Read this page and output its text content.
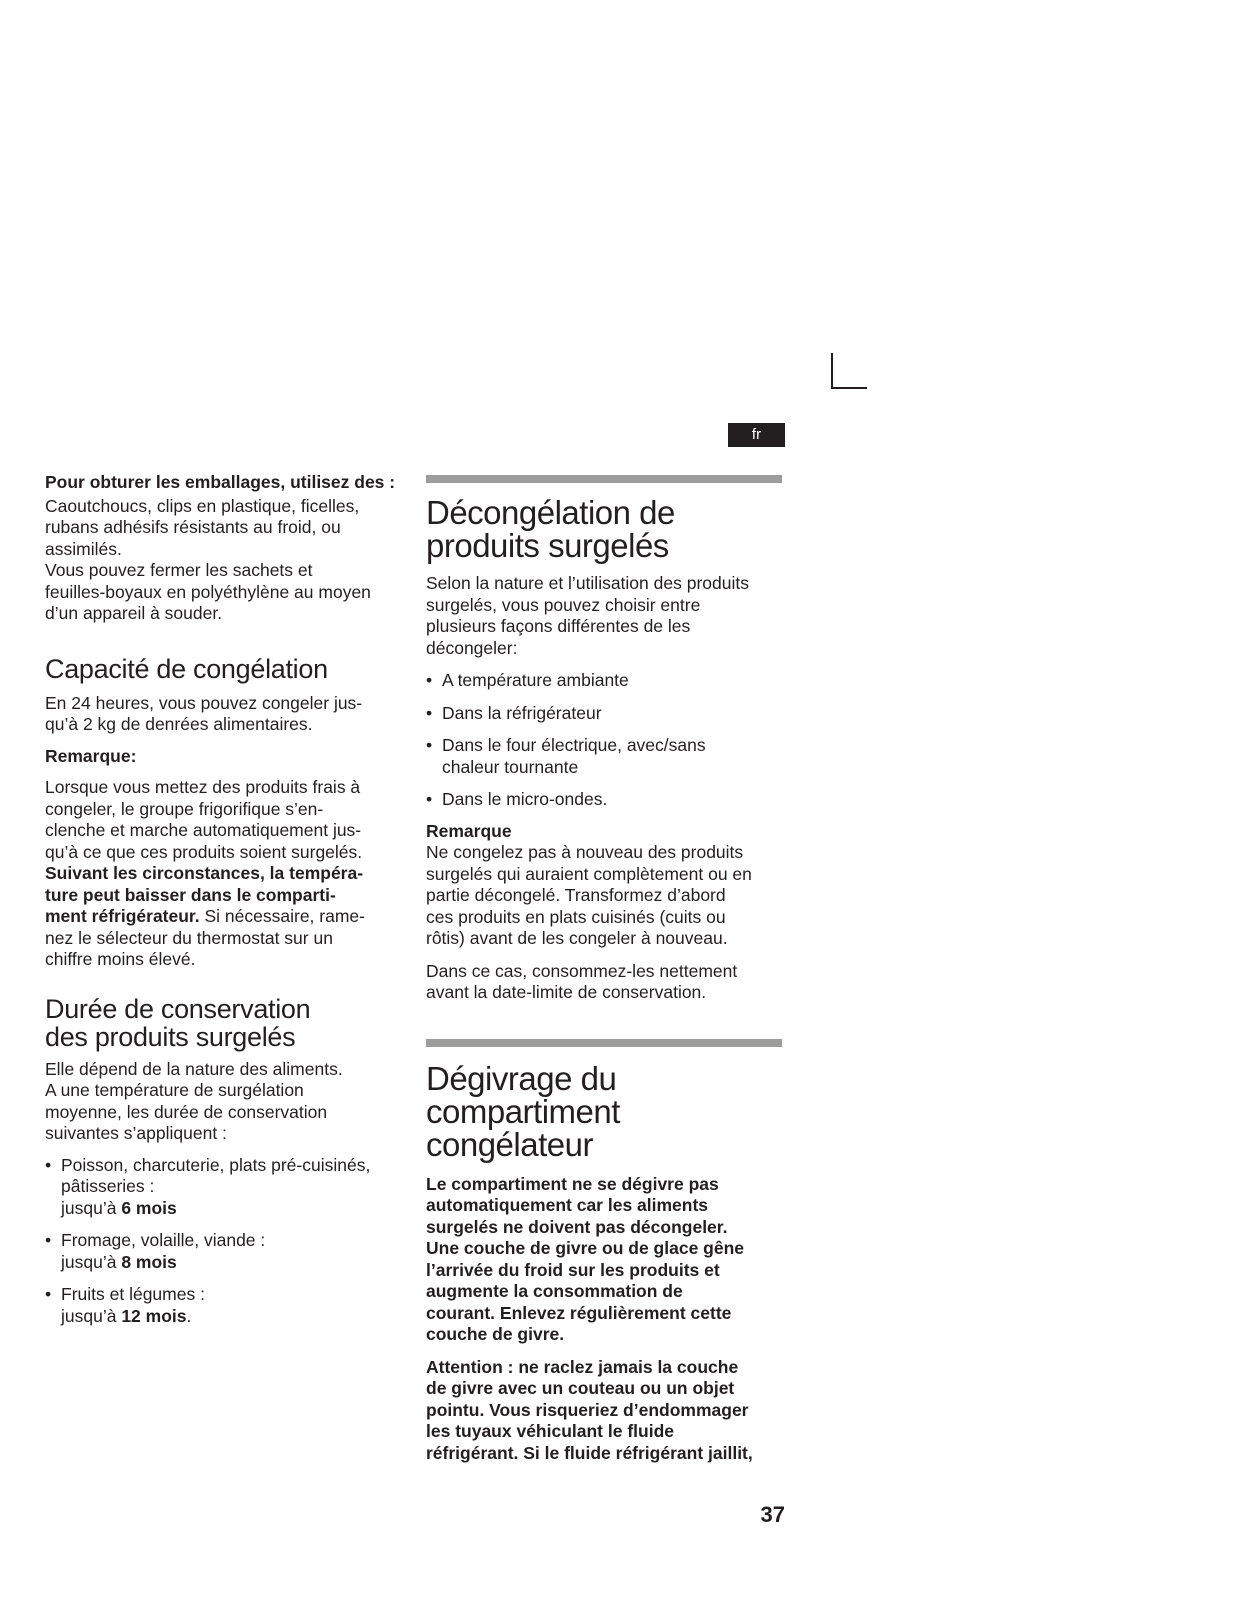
fr

Pour obturer les emballages, utilisez des :

Caoutchoucs, clips en plastique, ficelles,

rubans adhésifs résistants au froid, ou

assimilés.

Vous pouvez fermer les sachets et

feuilles-boyaux en polyéthylène au moyen

d’un appareil à souder.

Capacité de congélation

En 24 heures, vous pouvez congeler jus-

qu’à 2 kg de denrées alimentaires.

Remarque:

Lorsque vous mettez des produits frais à

congeler, le groupe frigorifique s’en-

clenche et marche automatiquement jus-

qu’à ce que ces produits soient surgelés.

Suivant les circonstances, la tempéra-

ture peut baisser dans le comparti-

ment réfrigérateur. Si nécessaire, rame-

nez le sélecteur du thermostat sur un

chiffre moins élevé.

Durée de conservation
des produits surgelés

Elle dépend de la nature des aliments.

A une température de surgélation

moyenne, les durée de conservation

suivantes s’appliquent :

• Poisson, charcuterie, plats pré-cuisinés,
pâtisseries :
jusqu’à 6 mois
• Fromage, volaille, viande :
jusqu’à 8 mois
• Fruits et légumes :
jusqu’à 12 mois.
Décongélation de
produits surgelés

Selon la nature et l’utilisation des produits

surgelés, vous pouvez choisir entre

plusieurs façons différentes de les

décongeler:

• A température ambiante
• Dans la réfrigérateur
• Dans le four électrique, avec/sans
chaleur tournante
• Dans le micro-ondes.

Remarque

Ne congelez pas à nouveau des produits

surgelés qui auraient complètement ou en

partie décongelé. Transformez d’abord

ces produits en plats cuisinés (cuits ou

rôtis) avant de les congeler à nouveau.

Dans ce cas, consommez-les nettement

avant la date-limite de conservation.

Dégivrage du
compartiment
congélateur

Le compartiment ne se dégivre pas

automatiquement car les aliments

surgelés ne doivent pas décongeler.

Une couche de givre ou de glace gêne

l’arrivée du froid sur les produits et

augmente la consommation de

courant. Enlevez régulièrement cette

couche de givre.

Attention : ne raclez jamais la couche

de givre avec un couteau ou un objet

pointu. Vous risqueriez d’endommager

les tuyaux véhiculant le fluide

réfrigérant. Si le fluide réfrigérant jaillit,

37
